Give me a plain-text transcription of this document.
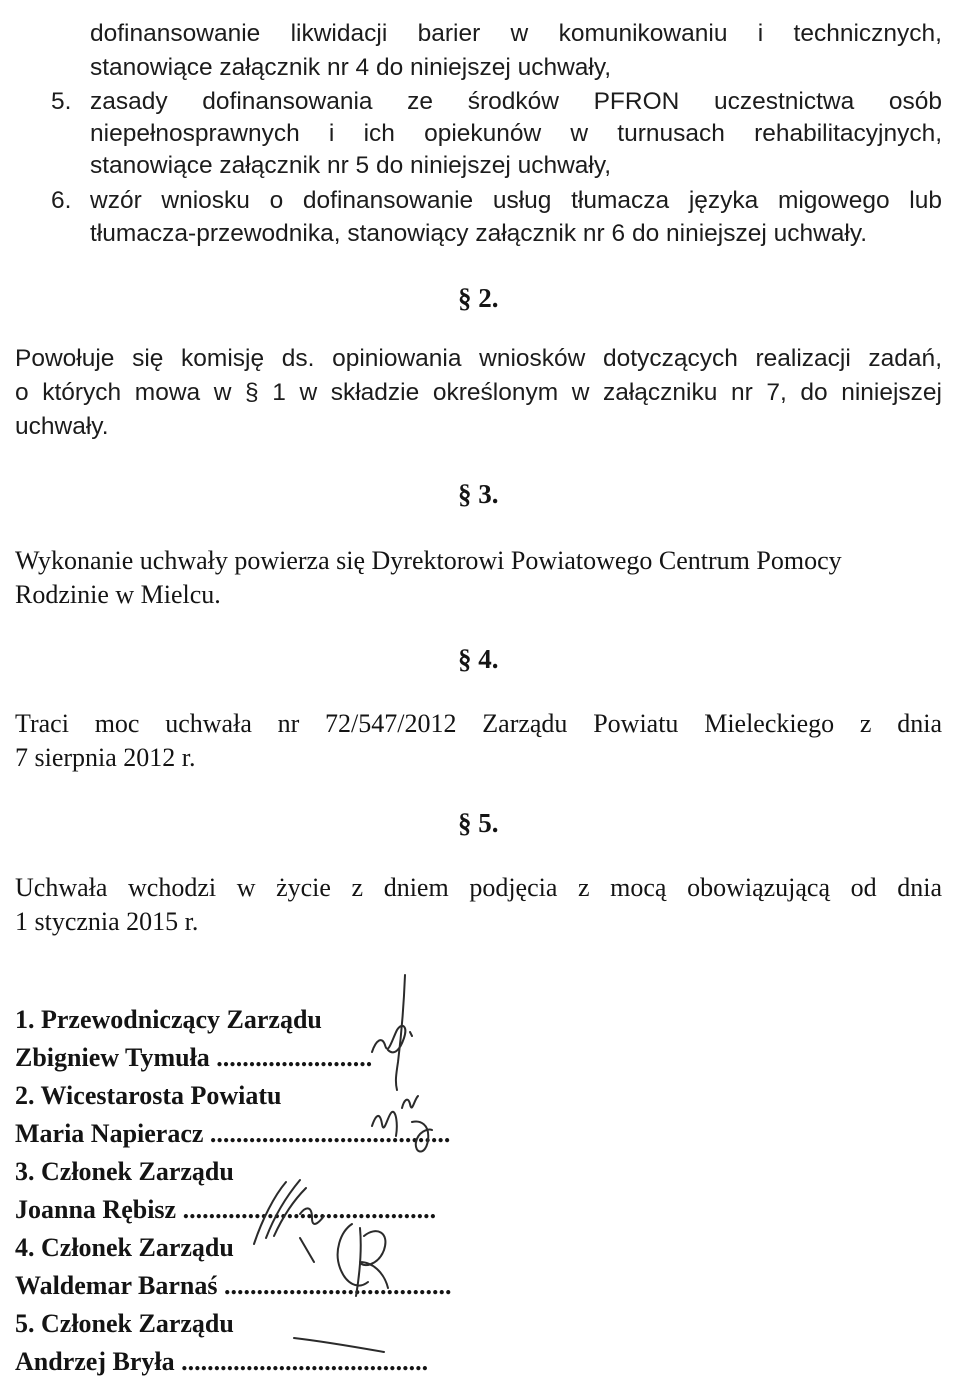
dofinansowanie likwidacji barier w komunikowaniu i technicznych,
stanowiące załącznik nr 4 do niniejszej uchwały,
5. zasady dofinansowania ze środków PFRON uczestnictwa osób
niepełnosprawnych i ich opiekunów w turnusach rehabilitacyjnych,
stanowiące załącznik nr 5 do niniejszej uchwały,
6. wzór wniosku o dofinansowanie usług tłumacza języka migowego lub
tłumacza-przewodnika, stanowiący załącznik nr 6 do niniejszej uchwały.
§ 2.
Powołuje się komisję ds. opiniowania wniosków dotyczących realizacji zadań,
o których mowa w § 1 w składzie określonym w załączniku nr 7, do niniejszej
uchwały.
§ 3.
Wykonanie uchwały powierza się Dyrektorowi Powiatowego Centrum Pomocy
Rodzinie w Mielcu.
§ 4.
Traci moc uchwała nr 72/547/2012 Zarządu Powiatu Mieleckiego z dnia
7 sierpnia 2012 r.
§ 5.
Uchwała wchodzi w życie z dniem podjęcia z mocą obowiązującą od dnia
1 stycznia 2015 r.
1. Przewodniczący Zarządu
Zbigniew Tymuła ........................
2. Wicestarosta Powiatu
Maria Napieracz .....................................
3. Członek Zarządu
Joanna Rębisz .......................................
4. Członek Zarządu
Waldemar Barnaś ...................................
5. Członek Zarządu
Andrzej Bryła ......................................
